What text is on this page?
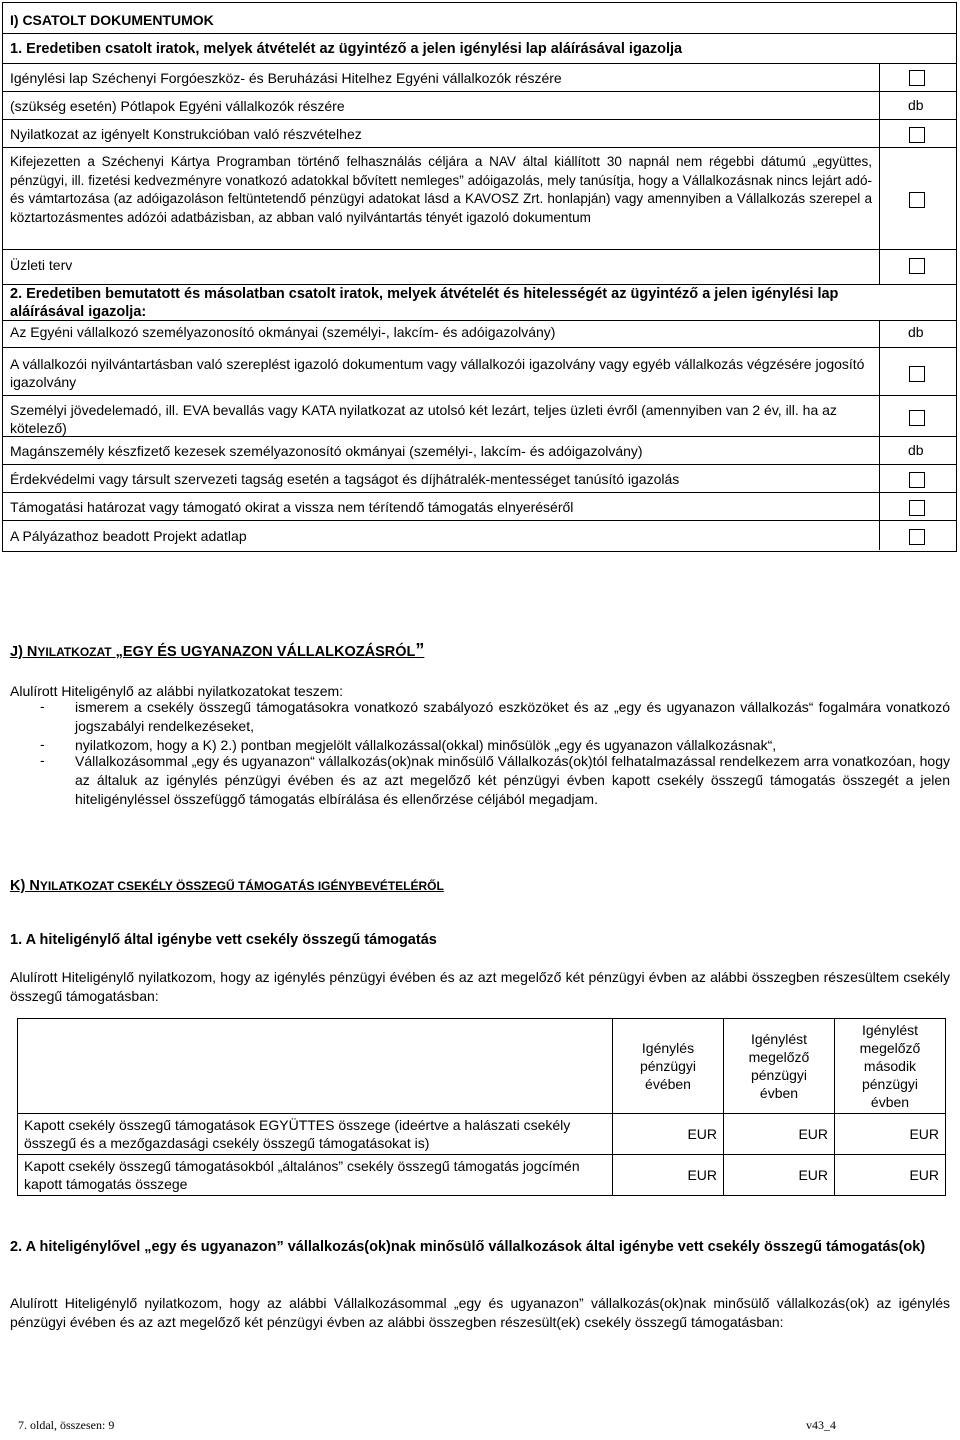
I) CSATOLT DOKUMENTUMOK
1. Eredetiben csatolt iratok, melyek átvételét az ügyintéző a jelen igénylési lap aláírásával igazolja
Igénylési lap Széchenyi Forgóeszköz- és Beruházási Hitelhez Egyéni vállalkozók részére
(szükség esetén) Pótlapok Egyéni vállalkozók részére	db
Nyilatkozat az igényelt Konstrukcióban való részvételhez
Kifejezetten a Széchenyi Kártya Programban történő felhasználás céljára a NAV által kiállított 30 napnál nem régebbi dátumú „együttes, pénzügyi, ill. fizetési kedvezményre vonatkozó adatokkal bővített nemleges” adóigazolás, mely tanúsítja, hogy a Vállalkozásnak nincs lejárt adó- és vámtartozása (az adóigazoláson feltüntetendő pénzügyi adatokat lásd a KAVOSZ Zrt. honlapján) vagy amennyiben a Vállalkozás szerepel a köztartozásmentes adózói adatbázisban, az abban való nyilvántartás tényét igazoló dokumentum
Üzleti terv
2. Eredetiben bemutatott és másolatban csatolt iratok, melyek átvételét és hitelességét az ügyintéző a jelen igénylési lap aláírásával igazolja:
Az Egyéni vállalkozó személyazonosító okmányai (személyi-, lakcím- és adóigazolvány)	db
A vállalkozói nyilvántartásban való szereplést igazoló dokumentum vagy vállalkozói igazolvány vagy egyéb vállalkozás végzésére jogosító igazolvány
Személyi jövedelemadó, ill. EVA bevallás vagy KATA nyilatkozat az utolsó két lezárt, teljes üzleti évről (amennyiben van 2 év, ill. ha az kötelező)
Magánszemély készfizető kezesek személyazonosító okmányai (személyi-, lakcím- és adóigazolvány)	db
Érdekvédelmi vagy társult szervezeti tagság esetén a tagságot és díjhátralék-mentességet tanúsító igazolás
Támogatási határozat vagy támogató okirat a vissza nem térítendő támogatás elnyeréséről
A Pályázathoz beadott Projekt adatlap
J) NYILATKOZAT „EGY ÉS UGYANAZON VÁLLALKOZÁSRÓL”
Alulírott Hiteligénylő az alábbi nyilatkozatokat teszem:
-	ismerem a csekély összegű támogatásokra vonatkozó szabályozó eszközöket és az „egy és ugyanazon vállalkozás“ fogalmára vonatkozó jogszabályi rendelkezéseket,
-	nyilatkozom, hogy a K) 2.) pontban megjelölt vállalkozással(okkal) minősülök „egy és ugyanazon vállalkozásnak“,
-	Vállalkozásommal „egy és ugyanazon“ vállalkozás(ok)nak minősülő Vállalkozás(ok)tól felhatalmazással rendelkezem arra vonatkozóan, hogy az általuk az igénylés pénzügyi évében és az azt megelőző két pénzügyi évben kapott csekély összegű támogatás összegét a jelen hiteligényléssel összefüggő támogatás elbírálása és ellenőrzése céljából megadjam.
K) NYILATKOZAT CSEKÉLY ÖSSZEGŰ TÁMOGATÁS IGÉNYBEVÉTELÉRŐL
1. A hiteligénylő által igénybe vett csekély összegű támogatás
Alulírott Hiteligénylő nyilatkozom, hogy az igénylés pénzügyi évében és az azt megelőző két pénzügyi évben az alábbi összegben részesültem csekély összegű támogatásban:
	Igénylés pénzügyi évében	Igénylést megelőző pénzügyi évben	Igénylést megelőző második pénzügyi évben
Kapott csekély összegű támogatások EGYÜTTES összege (ideértve a halászati csekély összegű és a mezőgazdasági csekély összegű támogatásokat is)	EUR	EUR	EUR
Kapott csekély összegű támogatásokból „általános” csekély összegű támogatás jogcímén kapott támogatás összege	EUR	EUR	EUR
2. A hiteligénylővel „egy és ugyanazon” vállalkozás(ok)nak minősülő vállalkozások által igénybe vett csekély összegű támogatás(ok)
Alulírott Hiteligénylő nyilatkozom, hogy az alábbi Vállalkozásommal „egy és ugyanazon” vállalkozás(ok)nak minősülő vállalkozás(ok) az igénylés pénzügyi évében és az azt megelőző két pénzügyi évben az alábbi összegben részesült(ek) csekély összegű támogatásban:
7. oldal, összesen: 9	v43_4
